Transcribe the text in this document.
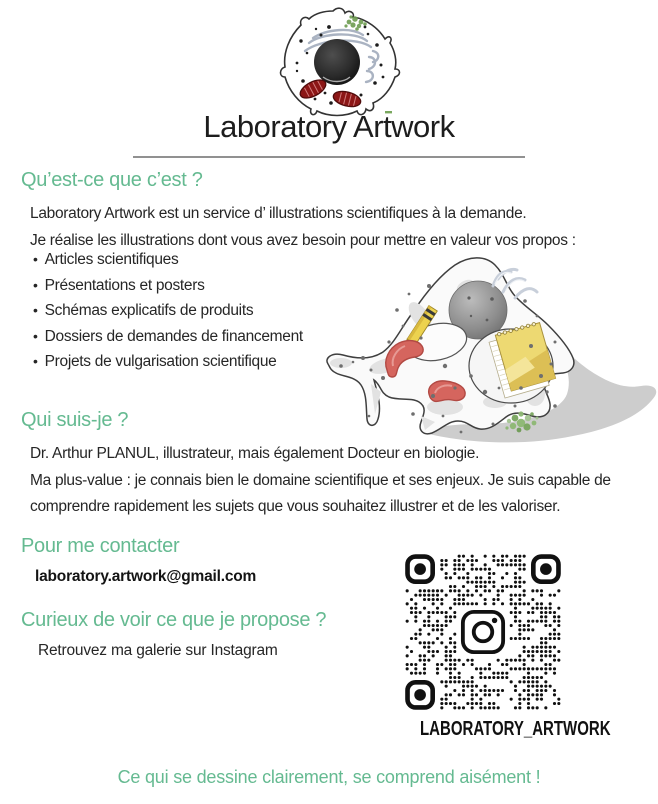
Laboratory Artwork
Qu’est-ce que c’est ?
Laboratory Artwork est un service d’ illustrations scientifiques à la demande.
Je réalise les illustrations dont vous avez besoin pour mettre en valeur vos propos :
• Articles scientifiques
• Présentations et posters
• Schémas explicatifs de produits
• Dossiers de demandes de financement
• Projets de vulgarisation scientifique
Qui suis-je ?
Dr. Arthur PLANUL, illustrateur, mais également Docteur en biologie.
Ma plus-value : je connais bien le domaine scientifique et ses enjeux. Je suis capable de
comprendre rapidement les sujets que vous souhaitez illustrer et de les valoriser.
Pour me contacter
laboratory.artwork@gmail.com
Curieux de voir ce que je propose ?
Retrouvez ma galerie sur Instagram
LABORATORY_ARTWORK
Ce qui se dessine clairement, se comprend aisément !
